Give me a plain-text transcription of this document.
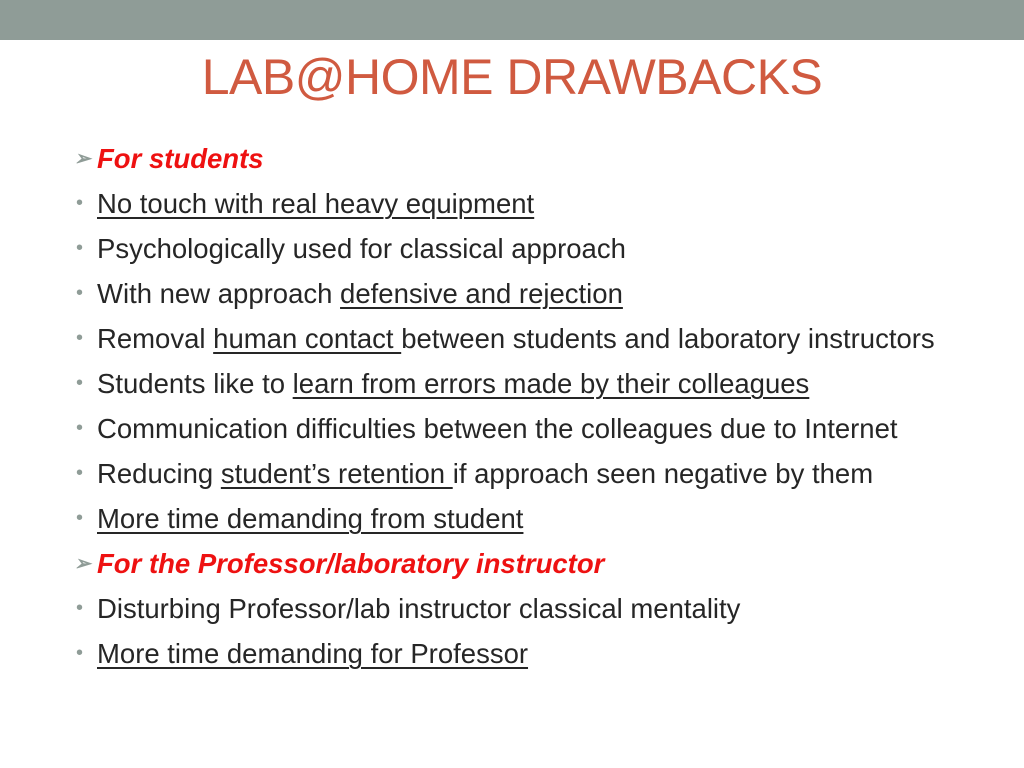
LAB@HOME DRAWBACKS
➢ For students
• No touch with real heavy equipment
• Psychologically used for classical approach
• With new approach defensive and rejection
• Removal human contact between students and laboratory instructors
• Students like to learn from errors made by their colleagues
• Communication difficulties between the colleagues due to Internet
• Reducing student’s retention if approach seen negative by them
• More time demanding from student
➢ For the Professor/laboratory instructor
• Disturbing Professor/lab instructor classical mentality
• More time demanding for Professor
